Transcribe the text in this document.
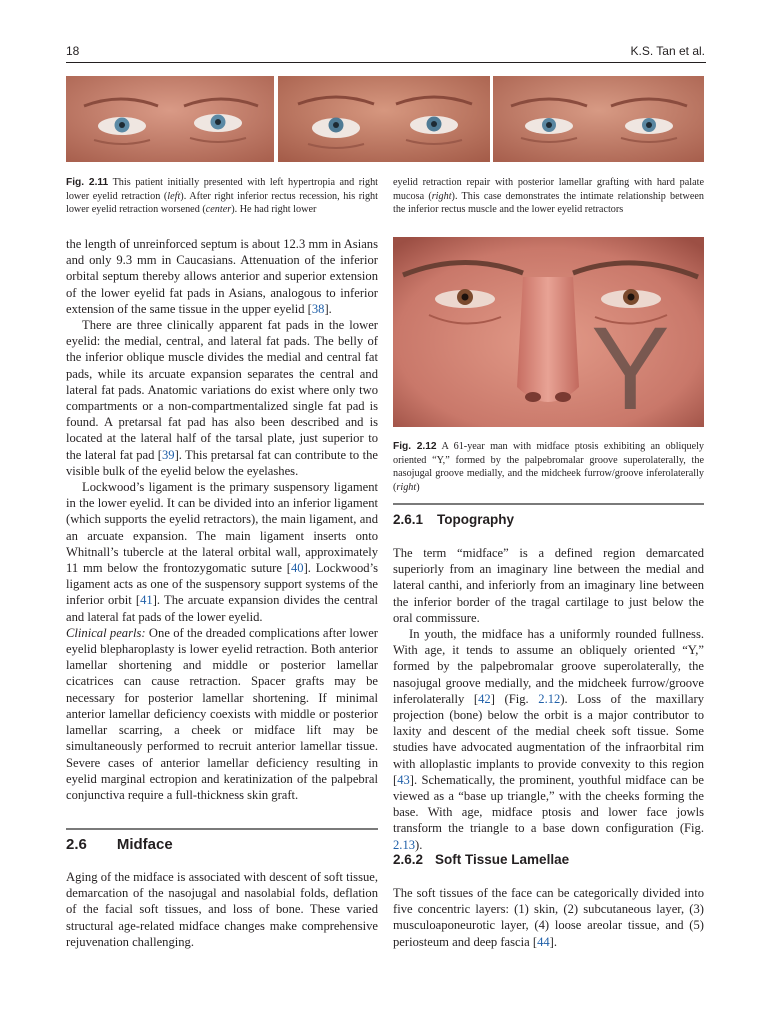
18	K.S. Tan et al.
Fig. 2.11 This patient initially presented with left hypertropia and right lower eyelid retraction (left). After right inferior rectus recession, his right lower eyelid retraction worsened (center). He had right lower
eyelid retraction repair with posterior lamellar grafting with hard palate mucosa (right). This case demonstrates the intimate relationship between the inferior rectus muscle and the lower eyelid retractors

the length of unreinforced septum is about 12.3 mm in Asians and only 9.3 mm in Caucasians. Attenuation of the inferior orbital septum thereby allows anterior and superior extension of the lower eyelid fat pads in Asians, analogous to inferior extension of the same tissue in the upper eyelid [38].

There are three clinically apparent fat pads in the lower eyelid: the medial, central, and lateral fat pads. The belly of the inferior oblique muscle divides the medial and central fat pads, while its arcuate expansion separates the central and lateral fat pads. Anatomic variations do exist where only two compartments or a non-compartmentalized single fat pad is found. A pretarsal fat pad has also been described and is located at the lateral half of the tarsal plate, just superior to the lateral fat pad [39]. This pretarsal fat can contribute to the visible bulk of the eyelid below the eyelashes.

Lockwood’s ligament is the primary suspensory ligament in the lower eyelid. It can be divided into an inferior ligament (which supports the eyelid retractors), the main ligament, and an arcuate expansion. The main ligament inserts onto Whitnall’s tubercle at the lateral orbital wall, approximately 11 mm below the frontozygomatic suture [40]. Lockwood’s ligament acts as one of the suspensory support systems of the inferior orbit [41]. The arcuate expansion divides the central and lateral fat pads of the lower eyelid.

Clinical pearls: One of the dreaded complications after lower eyelid blepharoplasty is lower eyelid retraction. Both anterior lamellar shortening and middle or posterior lamellar cicatrices can cause retraction. Spacer grafts may be necessary for posterior lamellar shortening. If minimal anterior lamellar deficiency coexists with middle or posterior lamellar scarring, a cheek or midface lift may be simultaneously performed to recruit anterior lamellar tissue. Severe cases of anterior lamellar deficiency resulting in eyelid marginal ectropion and keratinization of the palpebral conjunctiva require a full-thickness skin graft.

2.6 Midface

Aging of the midface is associated with descent of soft tissue, demarcation of the nasojugal and nasolabial folds, deflation of the facial soft tissues, and loss of bone. These varied structural age-related midface changes make comprehensive rejuvenation challenging.

Y
Fig. 2.12 A 61-year man with midface ptosis exhibiting an obliquely oriented “Y,” formed by the palpebromalar groove superolaterally, the nasojugal groove medially, and the midcheek furrow/groove inferolaterally (right)
2.6.1 Topography

The term “midface” is a defined region demarcated superiorly from an imaginary line between the medial and lateral canthi, and inferiorly from an imaginary line between the inferior border of the tragal cartilage to just below the oral commissure.

In youth, the midface has a uniformly rounded fullness. With age, it tends to assume an obliquely oriented “Y,” formed by the palpebromalar groove superolaterally, the nasojugal groove medially, and the midcheek furrow/groove inferolaterally [42] (Fig. 2.12). Loss of the maxillary projection (bone) below the orbit is a major contributor to laxity and descent of the medial cheek soft tissue. Some studies have advocated augmentation of the infraorbital rim with alloplastic implants to provide convexity to this region [43]. Schematically, the prominent, youthful midface can be viewed as a “base up triangle,” with the cheeks forming the base. With age, midface ptosis and lower face jowls transform the triangle to a base down configuration (Fig. 2.13).

2.6.2 Soft Tissue Lamellae

The soft tissues of the face can be categorically divided into five concentric layers: (1) skin, (2) subcutaneous layer, (3) musculoaponeurotic layer, (4) loose areolar tissue, and (5) periosteum and deep fascia [44].
